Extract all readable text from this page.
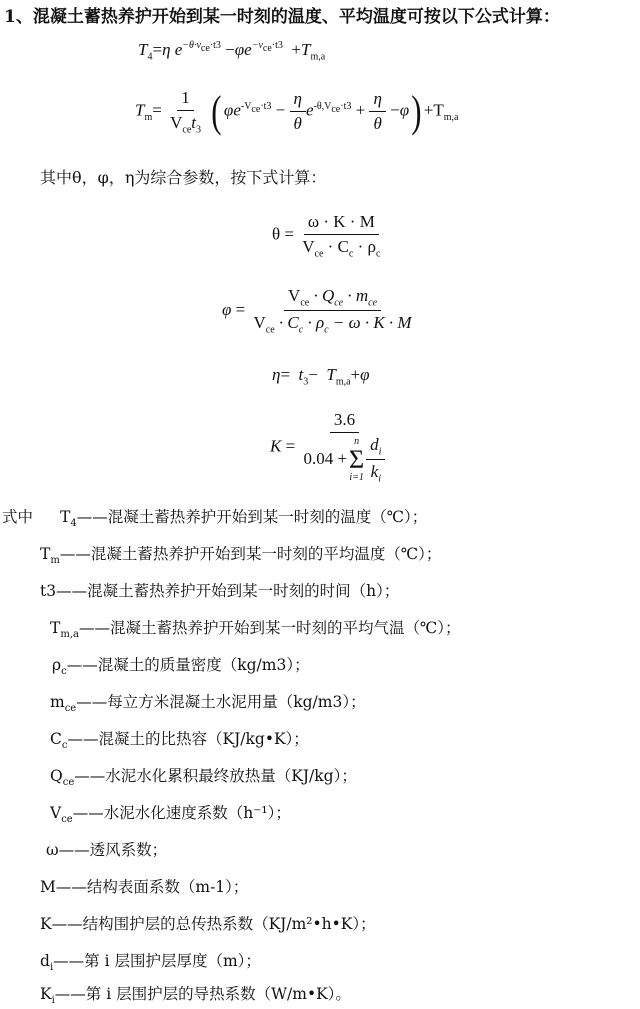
1、混凝土蓄热养护开始到某一时刻的温度、平均温度可按以下公式计算：
$T_4=\eta$ $e^{-\theta\cdot v_{ce}\cdot t3} -\varphi e^{-v_{ce}\cdot t3} +T_{m,a}$
$T_m= \frac{1}{V_{ce}t_3}$ ( $\varphi e^{-V_{ce}\cdot t3} - \frac{\eta}{\theta} e^{-\theta,V_{ce}\cdot t3} + \frac{\eta}{\theta} -\varphi) +T_{m,a}$
其中θ，φ，η为综合参数，按下式计算：
$\theta = \frac{\omega \cdot K \cdot M}{V_{ce} \cdot C_c \cdot \rho_c}$
$\varphi = \frac{V_{ce} \cdot Q_{ce} \cdot m_{ce}}{V_{ce} \cdot C_c \cdot \rho_c - \omega \cdot K \cdot M}$
$\eta= t_3- T_{m,a}+\varphi$
K = 3.6
0.04 +
n
Σ
$i=1 \frac{d_i}{k_i}$
式中 $T_4——$混凝土蓄热养护开始到某一时刻的温度（℃）；
$T_m——$混凝土蓄热养护开始到某一时刻的平均温度（℃）；
t3——混凝土蓄热养护开始到某一时刻的时间（h）；
$T_{m,a}——$混凝土蓄热养护开始到某一时刻的平均气温（℃）；
$\rho_c——$混凝土的质量密度（kg/m3）；
$m_{ce}——$每立方米混凝土水泥用量（kg/m3）；
$C_c——$混凝土的比热容（KJ/kg•K）；
$Q_{ce}——$水泥水化累积最终放热量（KJ/kg）；
$V_{ce}——$水泥水化速度系数（h⁻¹）；
ω——透风系数；
M——结构表面系数（m-1）；
K——结构围护层的总传热系数（KJ/m²•h•K）；
$d_i——$第 i 层围护层厚度（m）；
$K_i——$第 i 层围护层的导热系数（W/m•K）。
